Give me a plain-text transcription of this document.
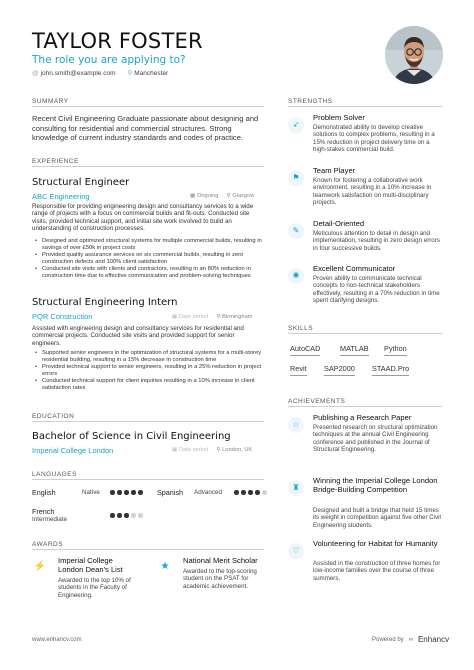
TAYLOR FOSTER
The role you are applying to?
@ john.smith@example.com ⚲ Manchester
SUMMARY
Recent Civil Engineering Graduate passionate about designing and consulting for residential and commercial structures. Strong knowledge of current industry standards and codes of practice.
EXPERIENCE
Structural Engineer
ABC Engineering	▦ Ongoing ⚲ Glasgow
Responsible for providing engineering design and consultancy services to a wide range of projects with a focus on commercial builds and fit-outs. Conducted site visits, provided technical support, and initial site work involved to build an understanding of construction processes.
• Designed and optimized structural systems for multiple commercial builds, resulting in savings of over £50k in project costs
• Provided quality assurance services on six commercial builds, resulting in zero construction defects and 100% client satisfaction
• Conducted site visits with clients and contractors, resulting in an 80% reduction in construction time due to effective communication and problem-solving techniques
Structural Engineering Intern
PQR Construction	▦ Date period ⚲ Birmingham
Assisted with engineering design and consultancy services for residential and commercial projects. Conducted site visits and provided support for senior engineers.
• Supported senior engineers in the optimization of structural systems for a multi-storey residential building, resulting in a 15% decrease in construction time
• Provided technical support to senior engineers, resulting in a 25% reduction in project errors
• Conducted technical support for client inquiries resulting in a 10% increase in client satisfaction rates
EDUCATION
Bachelor of Science in Civil Engineering
Imperial College London	▦ Date period ⚲ London, UK
LANGUAGES
English	Native	Spanish Advanced
French
Intermediate
AWARDS
⚡
Imperial College London Dean's List
Awarded to the top 10% of students in the Faculty of Engineering.
★
National Merit Scholar
Awarded to the top-scoring student on the PSAT for academic achievement.
STRENGTHS
➶
Problem Solver
Demonstrated ability to develop creative solutions to complex problems, resulting in a 15% reduction in project delivery time on a high-stakes commercial build.
⚑
Team Player
Known for fostering a collaborative work environment, resulting in a 10% increase in teamwork satisfaction on multi-disciplinary projects.
✎
Detail-Oriented
Meticulous attention to detail in design and implementation, resulting in zero design errors in four successive builds.
✺
Excellent Communicator
Proven ability to communicate technical concepts to non-technical stakeholders effectively, resulting in a 70% reduction in time spent clarifying designs.
SKILLS
AutoCAD	MATLAB Python
Revit SAP2000 STAAD.Pro
ACHIEVEMENTS
☆
Publishing a Research Paper
Presented research on structural optimization techniques at the annual Civil Engineering conference and published in the Journal of Structural Engineering.
♜
Winning the Imperial College London Bridge-Building Competition
Designed and built a bridge that held 15 times its weight in competition against five other Civil Engineering students.
♡
Volunteering for Habitat for Humanity
Assisted in the construction of three homes for low-income families over the course of three summers.
www.enhancv.com	Powered by ∞ Enhancv
